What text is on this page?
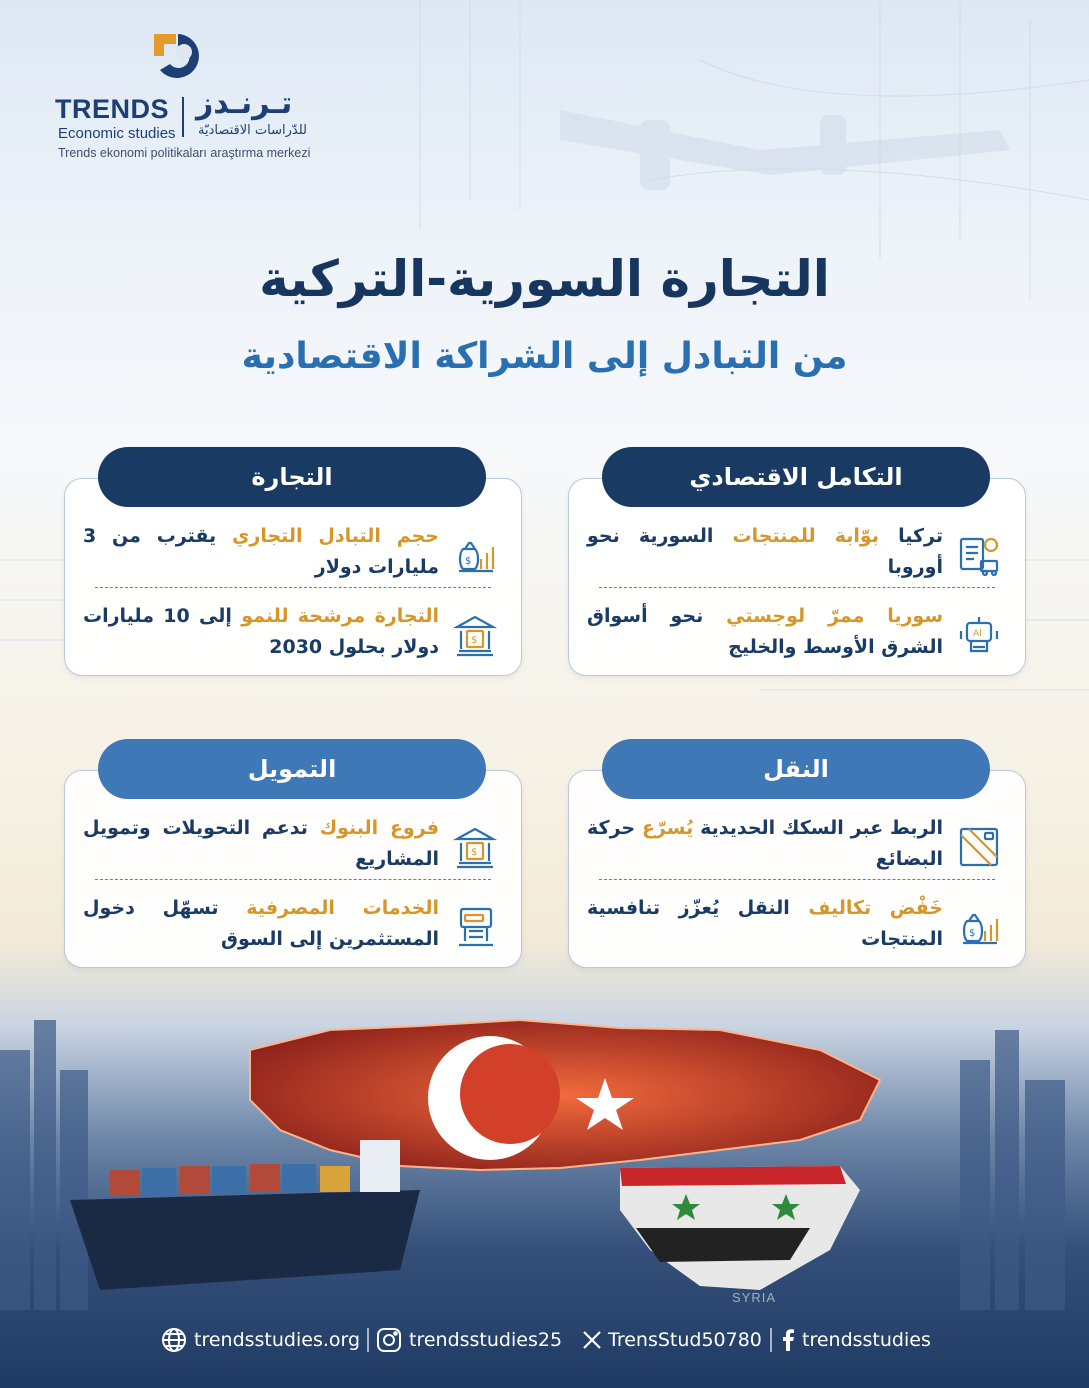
TRENDS تـرنـدز
Economic studies للدّراسات الاقتصاديّة
Trends ekonomi politikaları araştırma merkezi
التجارة السورية-التركية
من التبادل إلى الشراكة الاقتصادية
تركيا بوّابة للمنتجات السورية نحو أوروبا
AI
سوريا ممرّ لوجستي نحو أسواق الشرق الأوسط والخليج
التكامل الاقتصادي
$
حجم التبادل التجاري يقترب من 3 مليارات دولار
$
التجارة مرشحة للنمو إلى 10 مليارات دولار بحلول 2030
التجارة
الربط عبر السكك الحديدية يُسرّع حركة البضائع
$
خَفْض تكاليف النقل يُعزّز تنافسية المنتجات
النقل
$
فروع البنوك تدعم التحويلات وتمويل المشاريع
الخدمات المصرفية تسهّل دخول المستثمرين إلى السوق
التمويل
SYRIA
trendsstudies.org	trendsstudies25 TrensStud50780 trendsstudies
